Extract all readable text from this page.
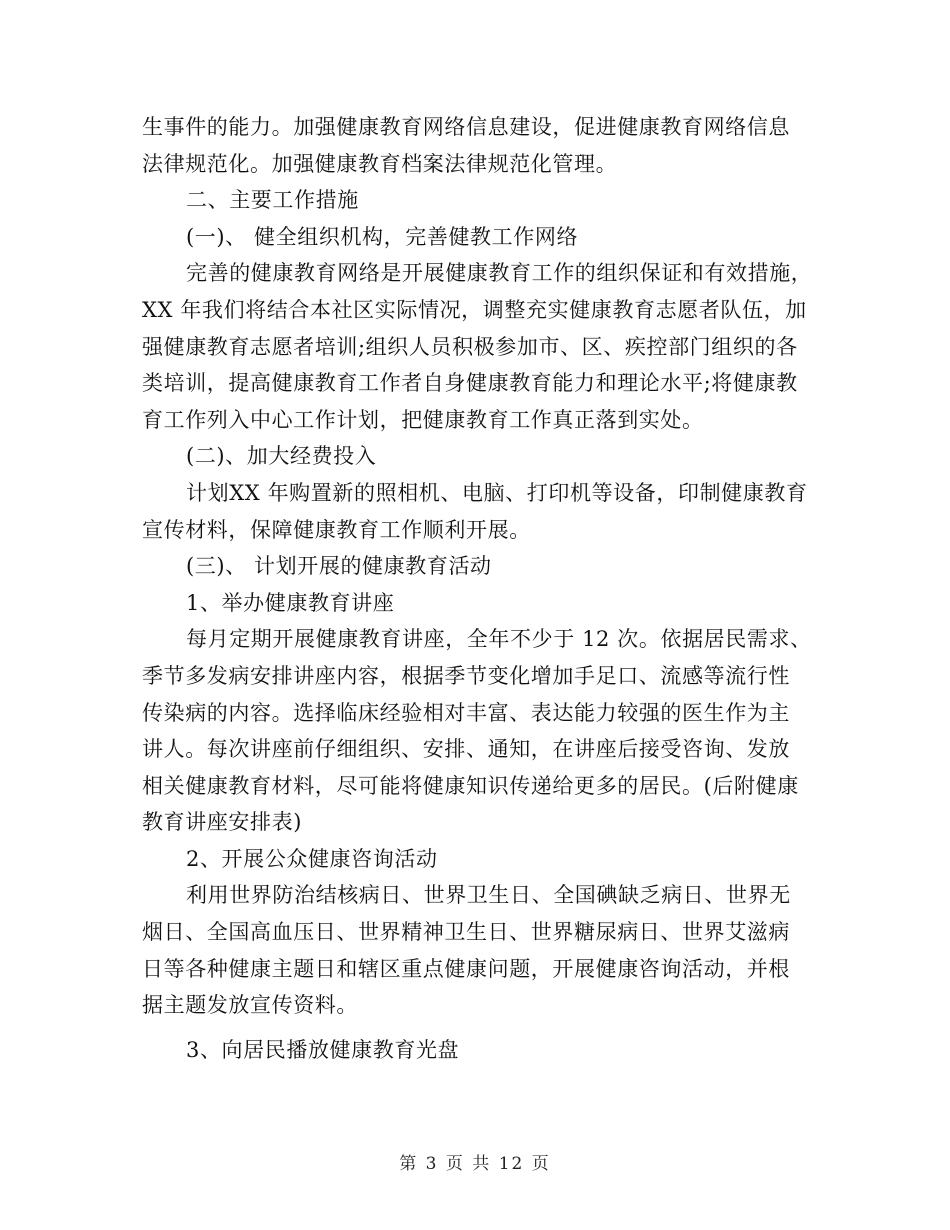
生事件的能力。加强健康教育网络信息建设，促进健康教育网络信息
法律规范化。加强健康教育档案法律规范化管理。
二、主要工作措施
(一)、 健全组织机构，完善健教工作网络
完善的健康教育网络是开展健康教育工作的组织保证和有效措施，
XX 年我们将结合本社区实际情况，调整充实健康教育志愿者队伍，加
强健康教育志愿者培训;组织人员积极参加市、区、疾控部门组织的各
类培训，提高健康教育工作者自身健康教育能力和理论水平;将健康教
育工作列入中心工作计划，把健康教育工作真正落到实处。
(二)、加大经费投入
计划XX 年购置新的照相机、电脑、打印机等设备，印制健康教育
宣传材料，保障健康教育工作顺利开展。
(三)、 计划开展的健康教育活动
1、举办健康教育讲座
每月定期开展健康教育讲座，全年不少于 12 次。依据居民需求、
季节多发病安排讲座内容，根据季节变化增加手足口、流感等流行性
传染病的内容。选择临床经验相对丰富、表达能力较强的医生作为主
讲人。每次讲座前仔细组织、安排、通知，在讲座后接受咨询、发放
相关健康教育材料，尽可能将健康知识传递给更多的居民。(后附健康
教育讲座安排表)
2、开展公众健康咨询活动
利用世界防治结核病日、世界卫生日、全国碘缺乏病日、世界无
烟日、全国高血压日、世界精神卫生日、世界糖尿病日、世界艾滋病
日等各种健康主题日和辖区重点健康问题，开展健康咨询活动，并根
据主题发放宣传资料。
3、向居民播放健康教育光盘
第 3 页 共 12 页
